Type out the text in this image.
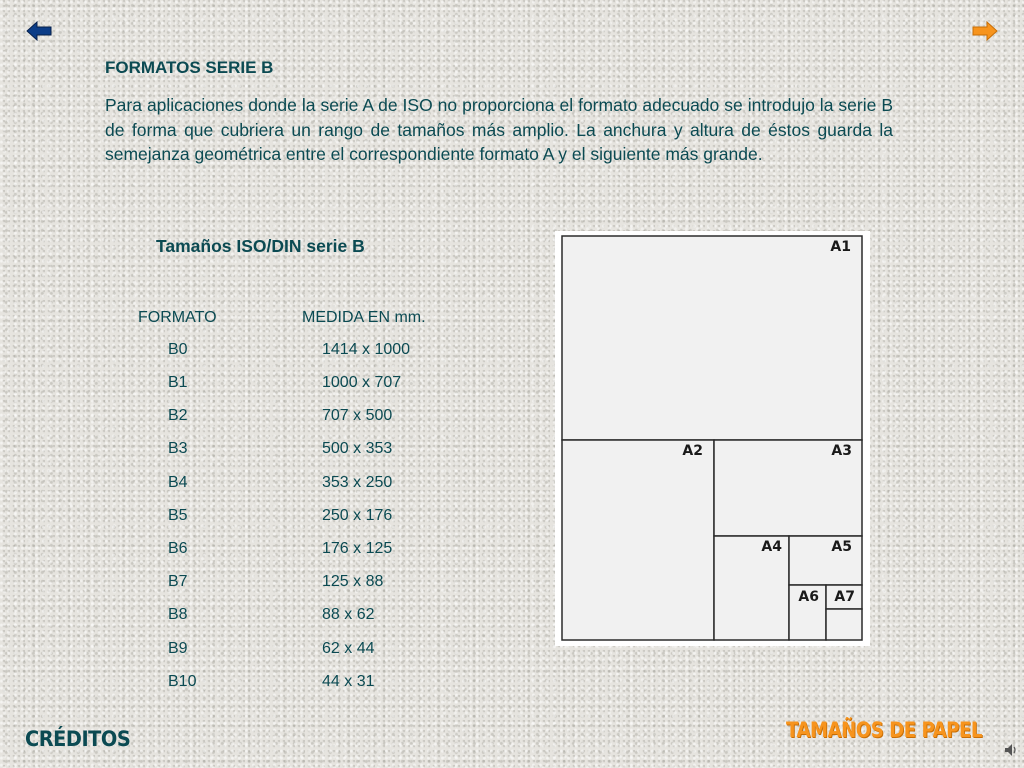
FORMATOS SERIE B

Para aplicaciones donde la serie A de ISO no proporciona el formato adecuado se introdujo la serie B de forma que cubriera un rango de tamaños más amplio. La anchura y altura de éstos guarda la semejanza geométrica entre el correspondiente formato A y el siguiente más grande.

Tamaños ISO/DIN serie B
FORMATO	MEDIDA EN mm.
B0	1414 x 1000
B1	1000 x 707
B2	707 x 500
B3	500 x 353
B4	353 x 250
B5	250 x 176
B6	176 x 125
B7	125 x 88
B8	88 x 62
B9	62 x 44
B10	44 x 31
A1
A2	A3
A4	A5
A6 A7
CRÉDITOS	TAMAÑOS DE PAPEL
